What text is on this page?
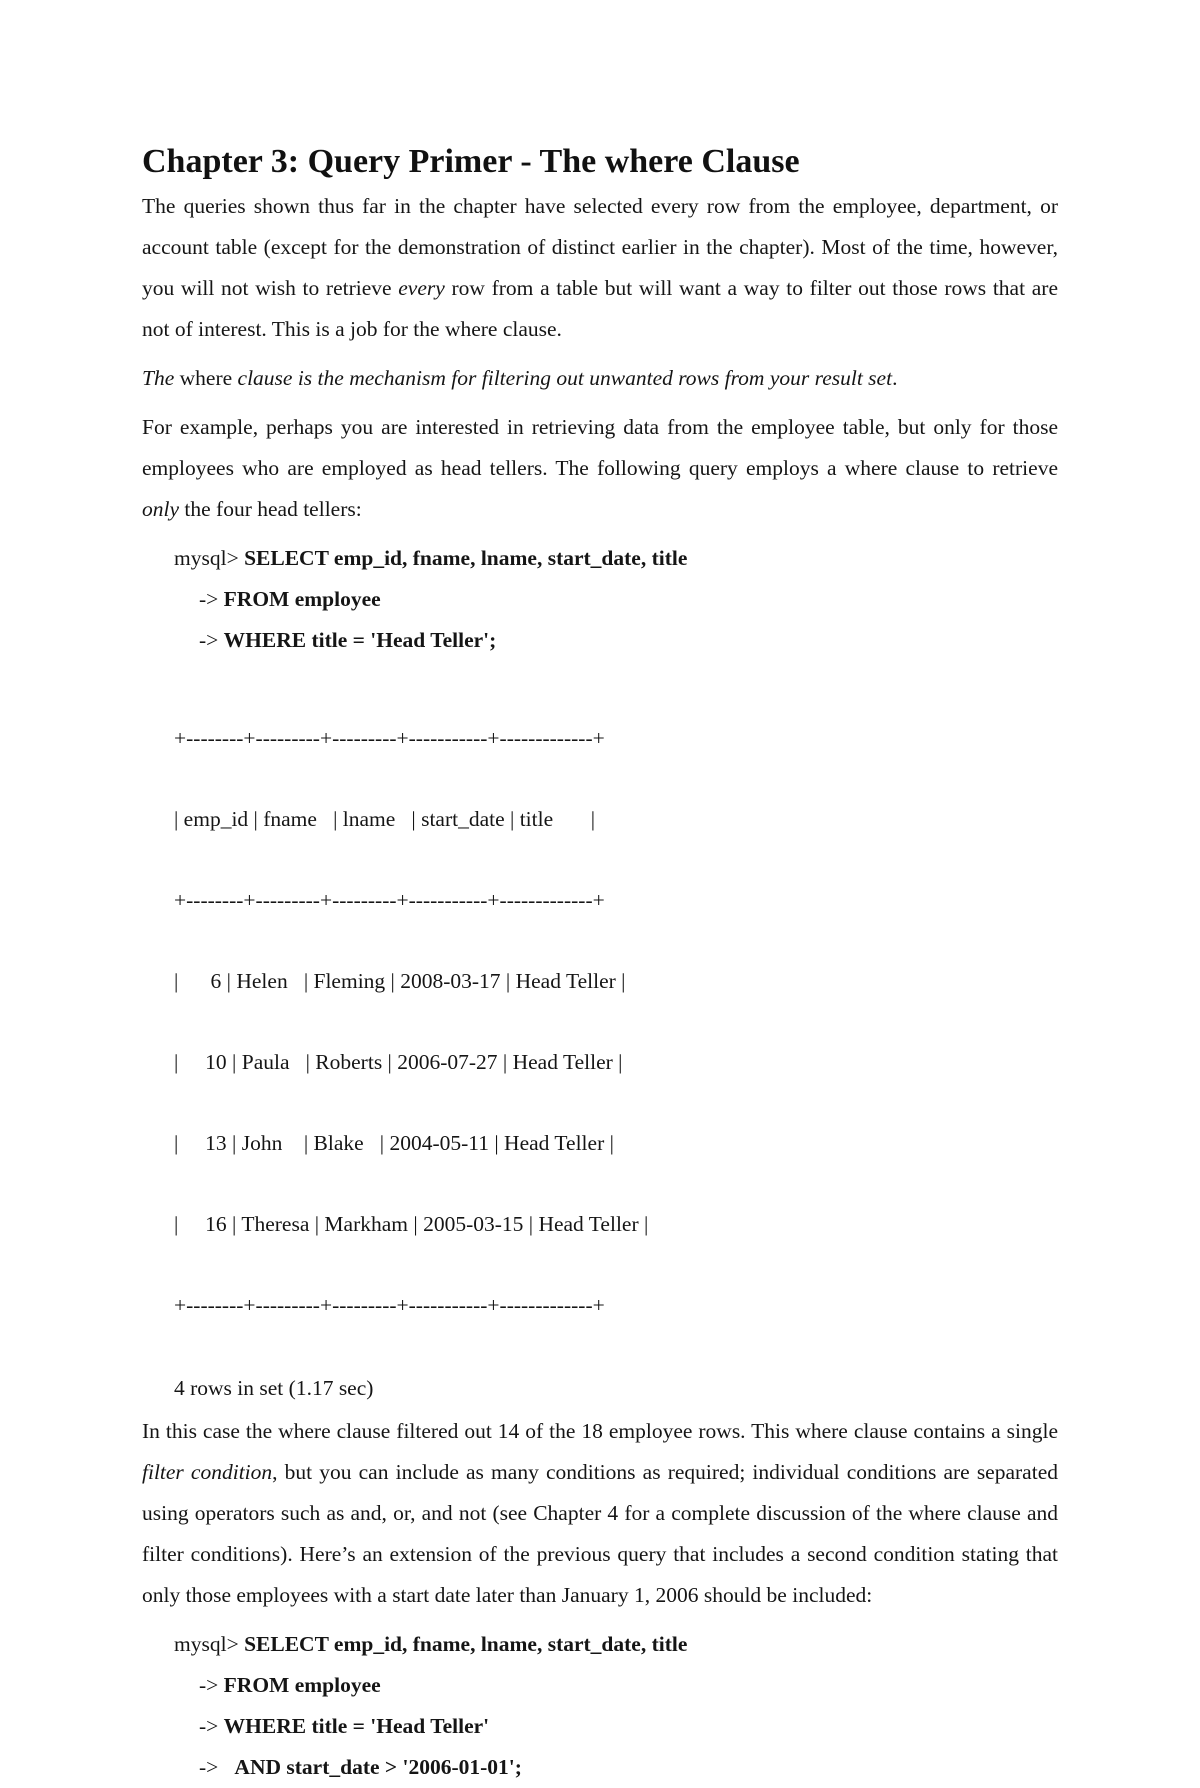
Chapter 3: Query Primer - The where Clause

The queries shown thus far in the chapter have selected every row from the employee, department, or account table (except for the demonstration of distinct earlier in the chapter). Most of the time, however, you will not wish to retrieve every row from a table but will want a way to filter out those rows that are not of interest. This is a job for the where clause.

The where clause is the mechanism for filtering out unwanted rows from your result set.

For example, perhaps you are interested in retrieving data from the employee table, but only for those employees who are employed as head tellers. The following query employs a where clause to retrieve only the four head tellers:

mysql> SELECT emp_id, fname, lname, start_date, title
-> FROM employee
-> WHERE title = 'Head Teller';

+--------+---------+---------+-----------+-------------+

| emp_id | fname   | lname   | start_date | title       |

+--------+---------+---------+-----------+-------------+

|      6 | Helen   | Fleming | 2008-03-17 | Head Teller |

|     10 | Paula   | Roberts | 2006-07-27 | Head Teller |

|     13 | John    | Blake   | 2004-05-11 | Head Teller |

|     16 | Theresa | Markham | 2005-03-15 | Head Teller |

+--------+---------+---------+-----------+-------------+

4 rows in set (1.17 sec)

In this case the where clause filtered out 14 of the 18 employee rows. This where clause contains a single filter condition, but you can include as many conditions as required; individual conditions are separated using operators such as and, or, and not (see Chapter 4 for a complete discussion of the where clause and filter conditions). Here’s an extension of the previous query that includes a second condition stating that only those employees with a start date later than January 1, 2006 should be included:

mysql> SELECT emp_id, fname, lname, start_date, title
-> FROM employee
-> WHERE title = 'Head Teller'
->   AND start_date > '2006-01-01';
